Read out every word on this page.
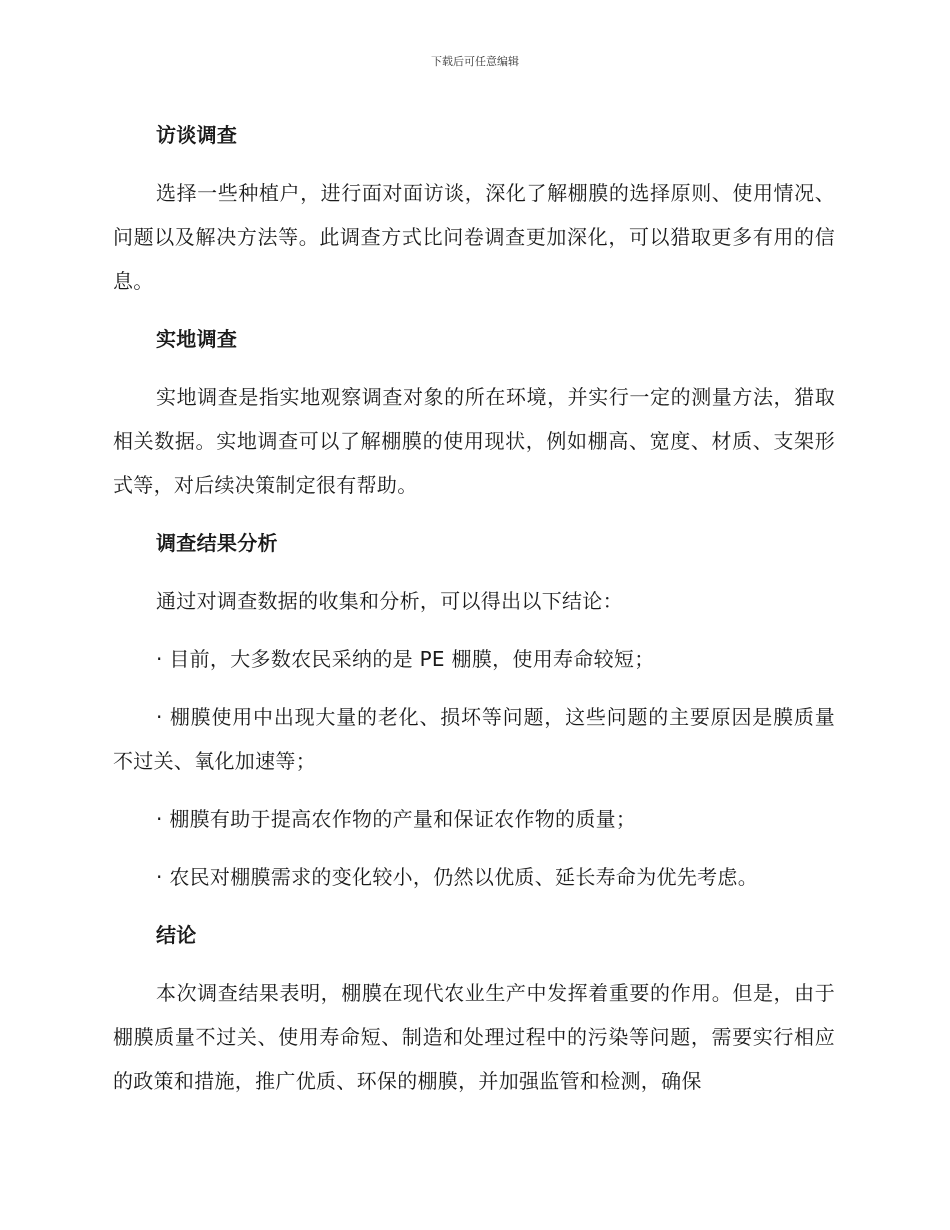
下载后可任意编辑

访谈调查

选择一些种植户，进行面对面访谈，深化了解棚膜的选择原则、使用情况、问题以及解决方法等。此调查方式比问卷调查更加深化，可以猎取更多有用的信息。

实地调查

实地调查是指实地观察调查对象的所在环境，并实行一定的测量方法，猎取相关数据。实地调查可以了解棚膜的使用现状，例如棚高、宽度、材质、支架形式等，对后续决策制定很有帮助。

调查结果分析

通过对调查数据的收集和分析，可以得出以下结论：

· 目前，大多数农民采纳的是 PE 棚膜，使用寿命较短；

· 棚膜使用中出现大量的老化、损坏等问题，这些问题的主要原因是膜质量不过关、氧化加速等；

· 棚膜有助于提高农作物的产量和保证农作物的质量；

· 农民对棚膜需求的变化较小，仍然以优质、延长寿命为优先考虑。

结论

本次调查结果表明，棚膜在现代农业生产中发挥着重要的作用。但是，由于棚膜质量不过关、使用寿命短、制造和处理过程中的污染等问题，需要实行相应的政策和措施，推广优质、环保的棚膜，并加强监管和检测，确保
